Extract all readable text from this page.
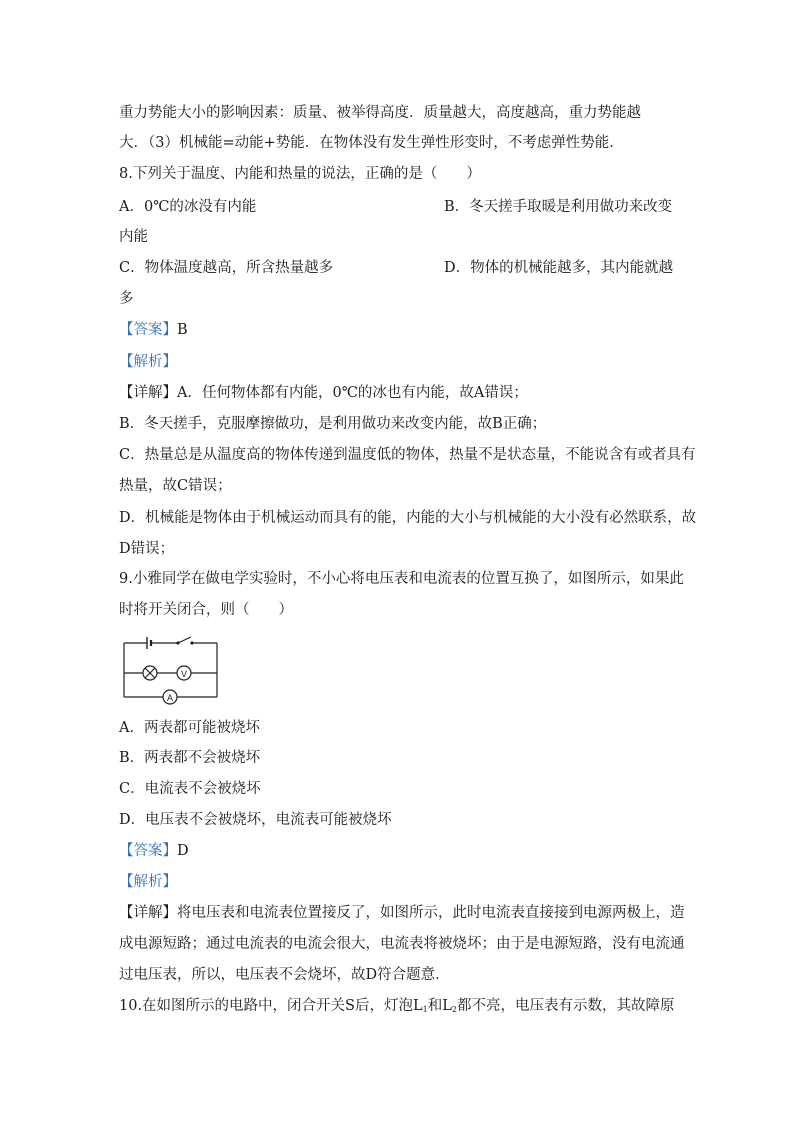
重力势能大小的影响因素：质量、被举得高度．质量越大，高度越高，重力势能越
大．（3）机械能=动能+势能．在物体没有发生弹性形变时，不考虑弹性势能．
8.下列关于温度、内能和热量的说法，正确的是（　　）
A．0℃的冰没有内能	B．冬天搓手取暖是利用做功来改变
内能
C．物体温度越高，所含热量越多	D．物体的机械能越多，其内能就越
多
【答案】B
【解析】
【详解】A．任何物体都有内能，0℃的冰也有内能，故A错误；
B．冬天搓手，克服摩擦做功，是利用做功来改变内能，故B正确；
C．热量总是从温度高的物体传递到温度低的物体，热量不是状态量，不能说含有或者具有
热量，故C错误；
D．机械能是物体由于机械运动而具有的能，内能的大小与机械能的大小没有必然联系，故
D错误；
9.小雅同学在做电学实验时，不小心将电压表和电流表的位置互换了，如图所示，如果此
时将开关闭合，则（　　）
V
A
A．两表都可能被烧坏
B．两表都不会被烧坏
C．电流表不会被烧坏
D．电压表不会被烧坏，电流表可能被烧坏
【答案】D
【解析】
【详解】将电压表和电流表位置接反了，如图所示，此时电流表直接接到电源两极上，造
成电源短路；通过电流表的电流会很大，电流表将被烧坏；由于是电源短路，没有电流通
过电压表，所以，电压表不会烧坏，故D符合题意．
10.在如图所示的电路中，闭合开关S后，灯泡$L_1$和$L_2$都不亮，电压表有示数，其故障原
